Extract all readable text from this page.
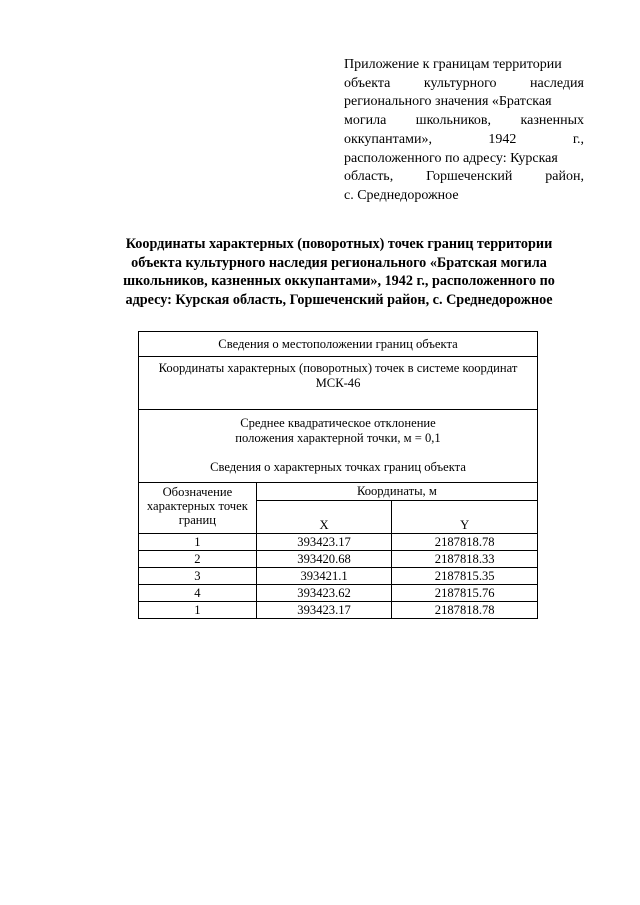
Приложение к границам территории
объекта культурного наследия
регионального значения «Братская
могила школьников, казненных
оккупантами»,	1942	г.,
расположенного по адресу: Курская
область, Горшеченский район,
с. Среднедорожное
Координаты характерных (поворотных) точек границ территории
объекта культурного наследия регионального «Братская могила
школьников, казненных оккупантами», 1942 г., расположенного по
адресу: Курская область, Горшеченский район, с. Среднедорожное
Сведения о местоположении границ объекта		

Координаты характерных (поворотных) точек в системе координат
МСК-46		

Среднее квадратическое отклонение
положения характерной точки, м = 0,1
Сведения о характерных точках границ объекта		

Обозначение
характерных точек
границ	Координаты, м	
	X	Y
1	393423.17	2187818.78
2	393420.68	2187818.33
3	393421.1	2187815.35
4	393423.62	2187815.76
1	393423.17	2187818.78
